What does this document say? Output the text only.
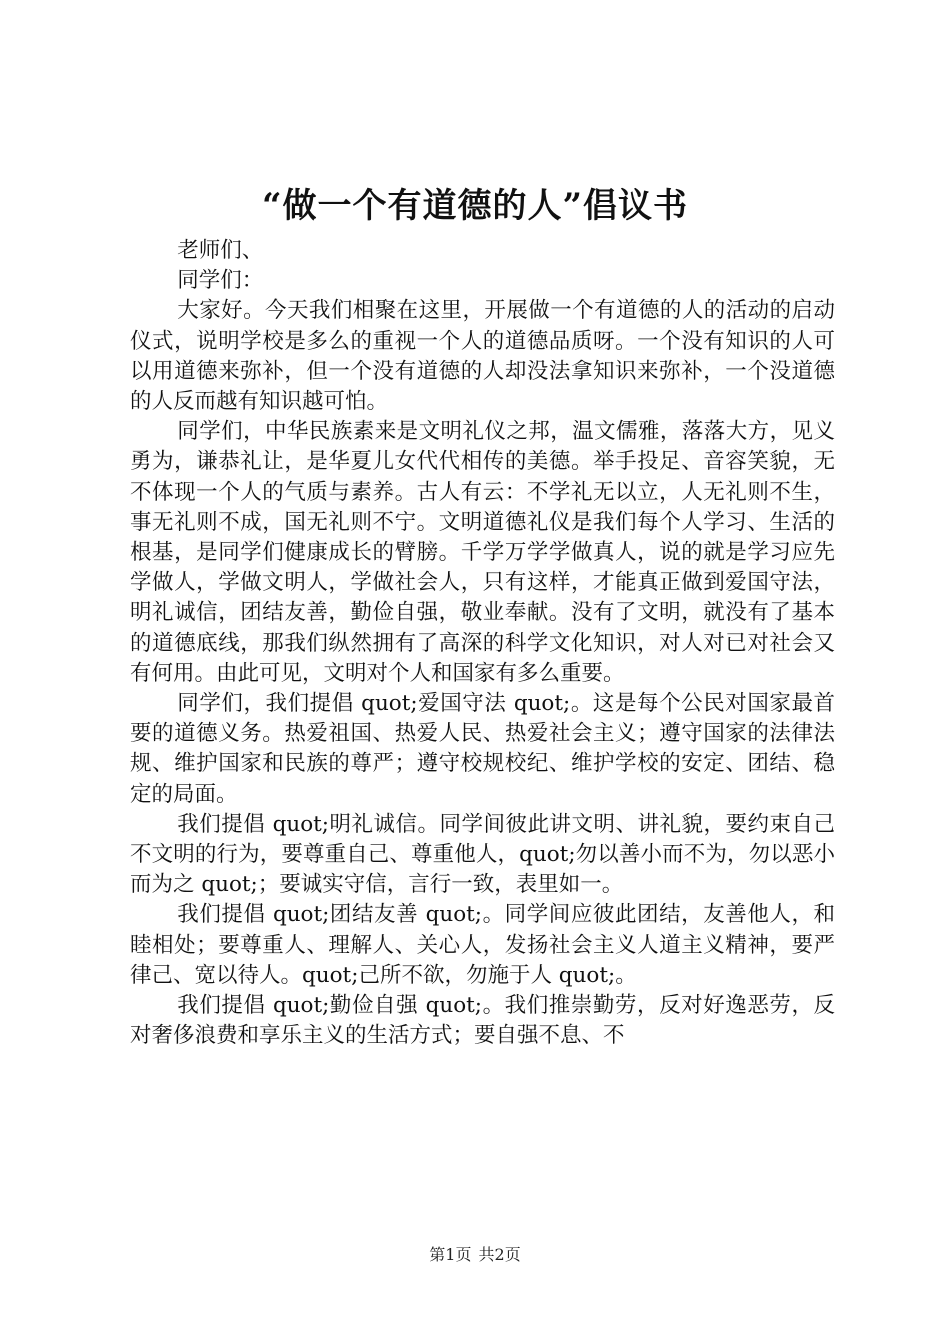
“做一个有道德的人”倡议书

老师们、

同学们：

大家好。今天我们相聚在这里，开展做一个有道德的人的活动的启动仪式，说明学校是多么的重视一个人的道德品质呀。一个没有知识的人可以用道德来弥补，但一个没有道德的人却没法拿知识来弥补，一个没道德的人反而越有知识越可怕。

同学们，中华民族素来是文明礼仪之邦，温文儒雅，落落大方，见义勇为，谦恭礼让，是华夏儿女代代相传的美德。举手投足、音容笑貌，无不体现一个人的气质与素养。古人有云：不学礼无以立，人无礼则不生，事无礼则不成，国无礼则不宁。文明道德礼仪是我们每个人学习、生活的根基，是同学们健康成长的臂膀。千学万学学做真人，说的就是学习应先学做人，学做文明人，学做社会人，只有这样，才能真正做到爱国守法，明礼诚信，团结友善，勤俭自强，敬业奉献。没有了文明，就没有了基本的道德底线，那我们纵然拥有了高深的科学文化知识，对人对已对社会又有何用。由此可见，文明对个人和国家有多么重要。

同学们，我们提倡 quot;爱国守法 quot;。这是每个公民对国家最首要的道德义务。热爱祖国、热爱人民、热爱社会主义；遵守国家的法律法规、维护国家和民族的尊严；遵守校规校纪、维护学校的安定、团结、稳定的局面。

我们提倡 quot;明礼诚信。同学间彼此讲文明、讲礼貌，要约束自己不文明的行为，要尊重自己、尊重他人，quot;勿以善小而不为，勿以恶小而为之 quot;；要诚实守信，言行一致，表里如一。

我们提倡 quot;团结友善 quot;。同学间应彼此团结，友善他人，和睦相处；要尊重人、理解人、关心人，发扬社会主义人道主义精神，要严律己、宽以待人。quot;己所不欲，勿施于人 quot;。

我们提倡 quot;勤俭自强 quot;。我们推崇勤劳，反对好逸恶劳，反对奢侈浪费和享乐主义的生活方式；要自强不息、不

第1页 共2页
